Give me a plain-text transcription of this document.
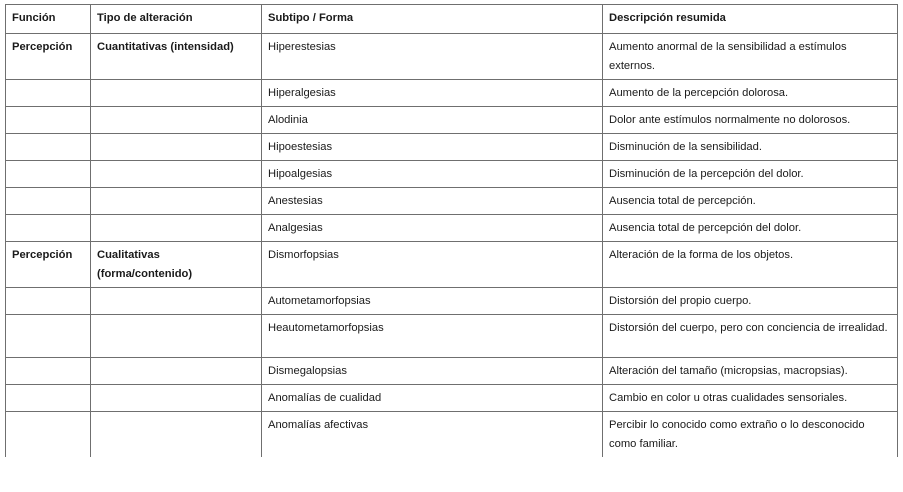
Función	Tipo de alteración	Subtipo / Forma	Descripción resumida
Percepción	Cuantitativas (intensidad)	Hiperestesias	Aumento anormal de la sensibilidad a estímulos externos.
		Hiperalgesias	Aumento de la percepción dolorosa.
		Alodinia	Dolor ante estímulos normalmente no dolorosos.
		Hipoestesias	Disminución de la sensibilidad.
		Hipoalgesias	Disminución de la percepción del dolor.
		Anestesias	Ausencia total de percepción.
		Analgesias	Ausencia total de percepción del dolor.
Percepción	Cualitativas (forma/contenido)	Dismorfopsias	Alteración de la forma de los objetos.
		Autometamorfopsias	Distorsión del propio cuerpo.
		Heautometamorfopsias	Distorsión del cuerpo, pero con conciencia de irrealidad.
		Dismegalopsias	Alteración del tamaño (micropsias, macropsias).
		Anomalías de cualidad	Cambio en color u otras cualidades sensoriales.
		Anomalías afectivas	Percibir lo conocido como extraño o lo desconocido como familiar.
